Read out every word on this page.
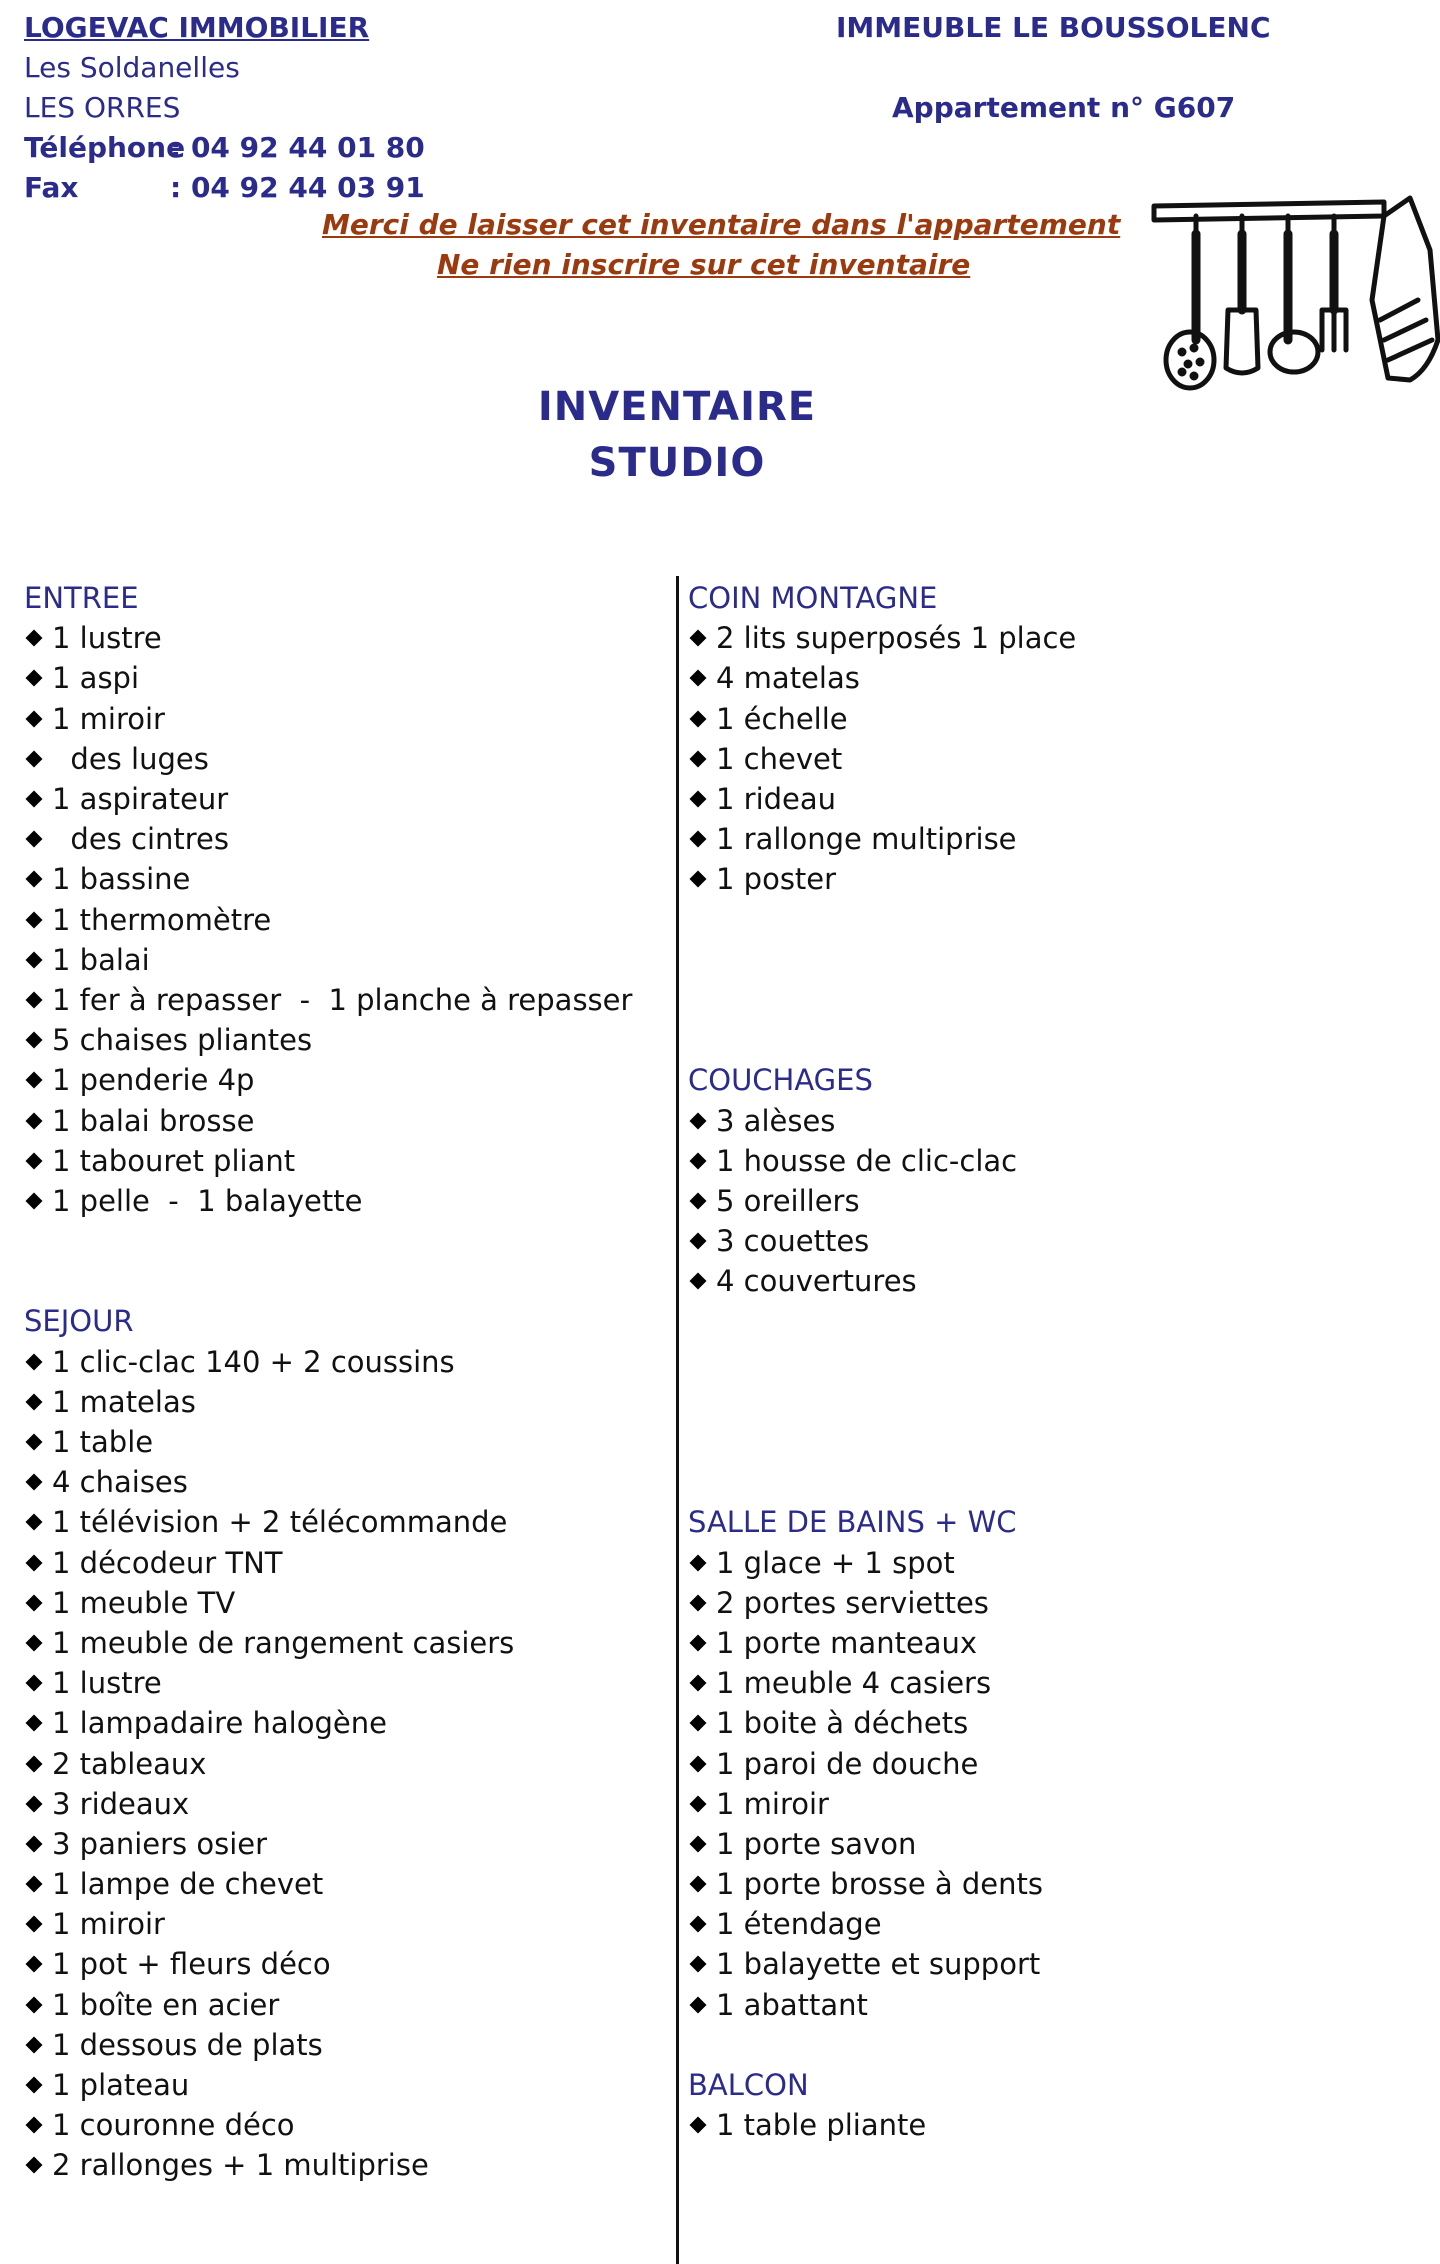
LOGEVAC IMMOBILIER
Les Soldanelles
LES ORRES
Téléphone
: 04 92 44 01 80
Fax	: 04 92 44 03 91
IMMEUBLE LE BOUSSOLENC
Appartement n° G607
Merci de laisser cet inventaire dans l'appartement
Ne rien inscrire sur cet inventaire
INVENTAIRE
STUDIO
ENTREE
1 lustre
1 aspi
1 miroir
des luges
1 aspirateur
des cintres
1 bassine
1 thermomètre
1 balai
1 fer à repasser  -  1 planche à repasser
5 chaises pliantes
1 penderie 4p
1 balai brosse
1 tabouret pliant
1 pelle  -  1 balayette
SEJOUR
1 clic-clac 140 + 2 coussins
1 matelas
1 table
4 chaises
1 télévision + 2 télécommande
1 décodeur TNT
1 meuble TV
1 meuble de rangement casiers
1 lustre
1 lampadaire halogène
2 tableaux
3 rideaux
3 paniers osier
1 lampe de chevet
1 miroir
1 pot + fleurs déco
1 boîte en acier
1 dessous de plats
1 plateau
1 couronne déco
2 rallonges + 1 multiprise
COIN MONTAGNE
2 lits superposés 1 place
4 matelas
1 échelle
1 chevet
1 rideau
1 rallonge multiprise
1 poster
COUCHAGES
3 alèses
1 housse de clic-clac
5 oreillers
3 couettes
4 couvertures
SALLE DE BAINS + WC
1 glace + 1 spot
2 portes serviettes
1 porte manteaux
1 meuble 4 casiers
1 boite à déchets
1 paroi de douche
1 miroir
1 porte savon
1 porte brosse à dents
1 étendage
1 balayette et support
1 abattant
BALCON
1 table pliante
